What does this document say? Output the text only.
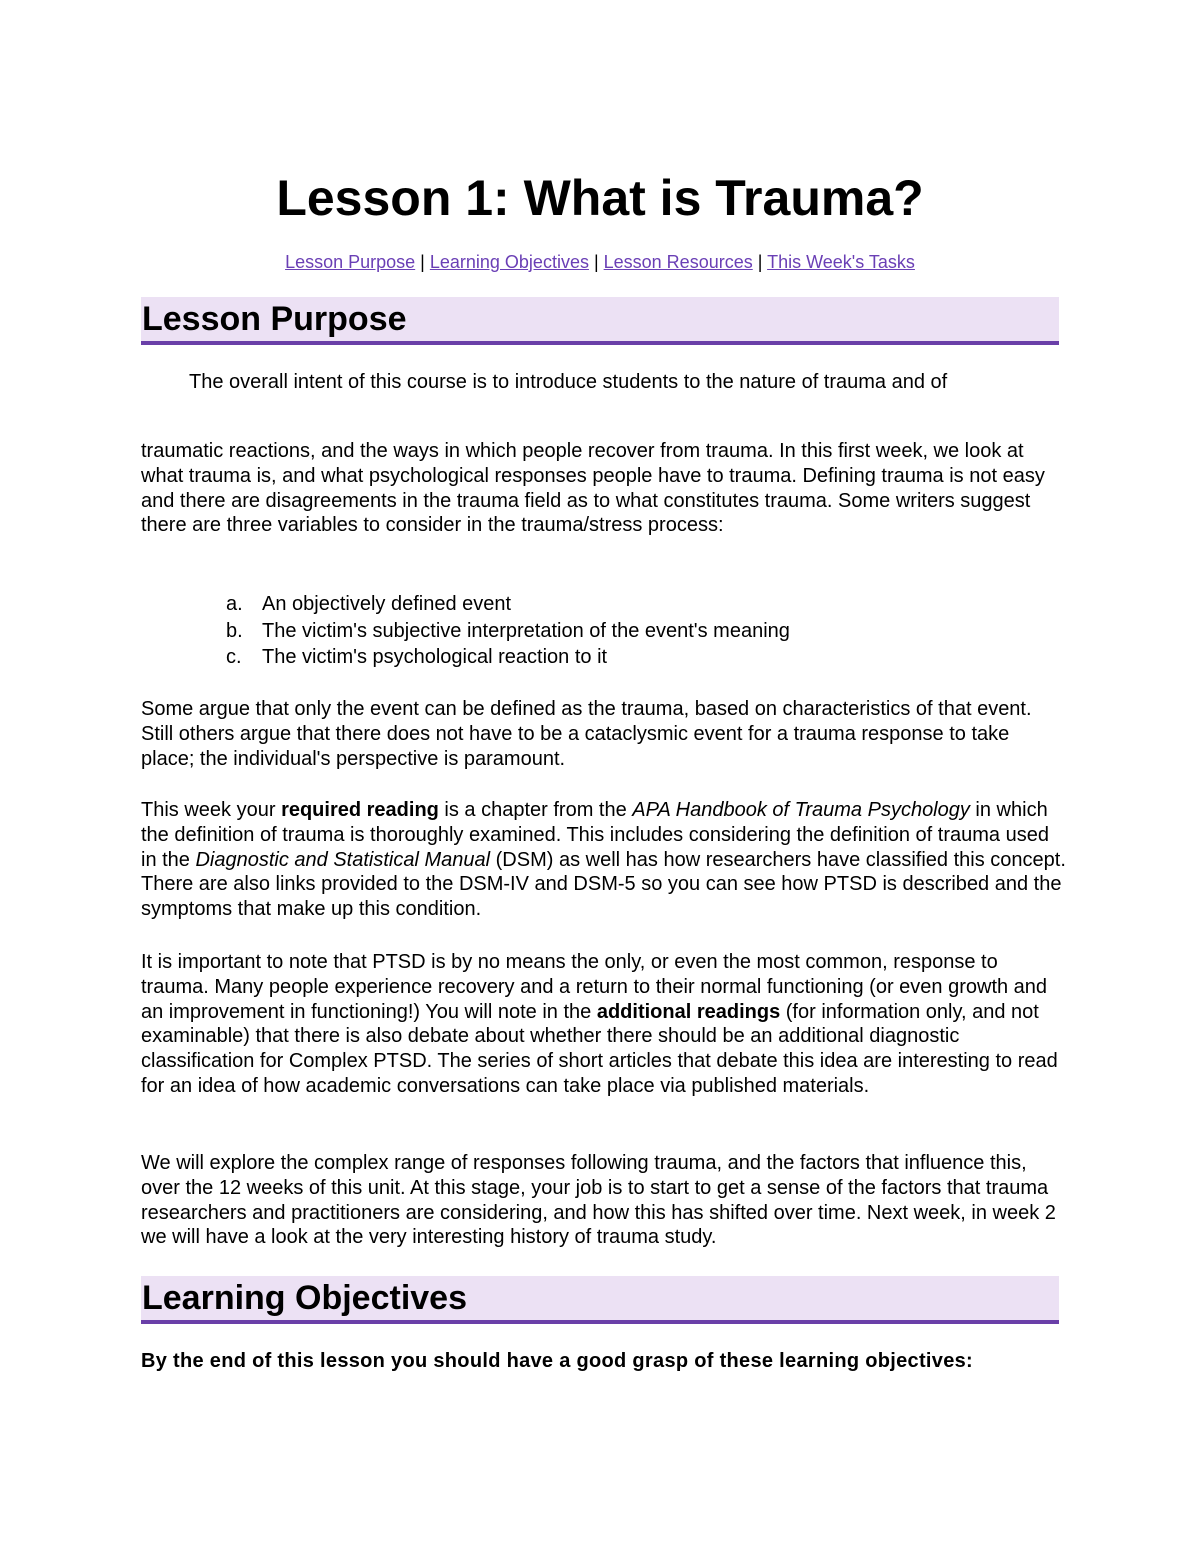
Lesson 1: What is Trauma?
Lesson Purpose | Learning Objectives | Lesson Resources | This Week's Tasks
Lesson Purpose
The overall intent of this course is to introduce students to the nature of trauma and of

traumatic reactions, and the ways in which people recover from trauma. In this first week, we look at what trauma is, and what psychological responses people have to trauma. Defining trauma is not easy and there are disagreements in the trauma field as to what constitutes trauma. Some writers suggest there are three variables to consider in the trauma/stress process:

a. An objectively defined event
b. The victim's subjective interpretation of the event's meaning
c.	The victim's psychological reaction to it

Some argue that only the event can be defined as the trauma, based on characteristics of that event. Still others argue that there does not have to be a cataclysmic event for a trauma response to take place; the individual's perspective is paramount.

This week your required reading is a chapter from the APA Handbook of Trauma Psychology in which the definition of trauma is thoroughly examined. This includes considering the definition of trauma used in the Diagnostic and Statistical Manual (DSM) as well has how researchers have classified this concept. There are also links provided to the DSM-IV and DSM-5 so you can see how PTSD is described and the symptoms that make up this condition.

It is important to note that PTSD is by no means the only, or even the most common, response to trauma. Many people experience recovery and a return to their normal functioning (or even growth and an improvement in functioning!) You will note in the additional readings (for information only, and not examinable) that there is also debate about whether there should be an additional diagnostic classification for Complex PTSD. The series of short articles that debate this idea are interesting to read for an idea of how academic conversations can take place via published materials.

We will explore the complex range of responses following trauma, and the factors that influence this, over the 12 weeks of this unit. At this stage, your job is to start to get a sense of the factors that trauma researchers and practitioners are considering, and how this has shifted over time. Next week, in week 2 we will have a look at the very interesting history of trauma study.

Learning Objectives
By the end of this lesson you should have a good grasp of these learning objectives:
